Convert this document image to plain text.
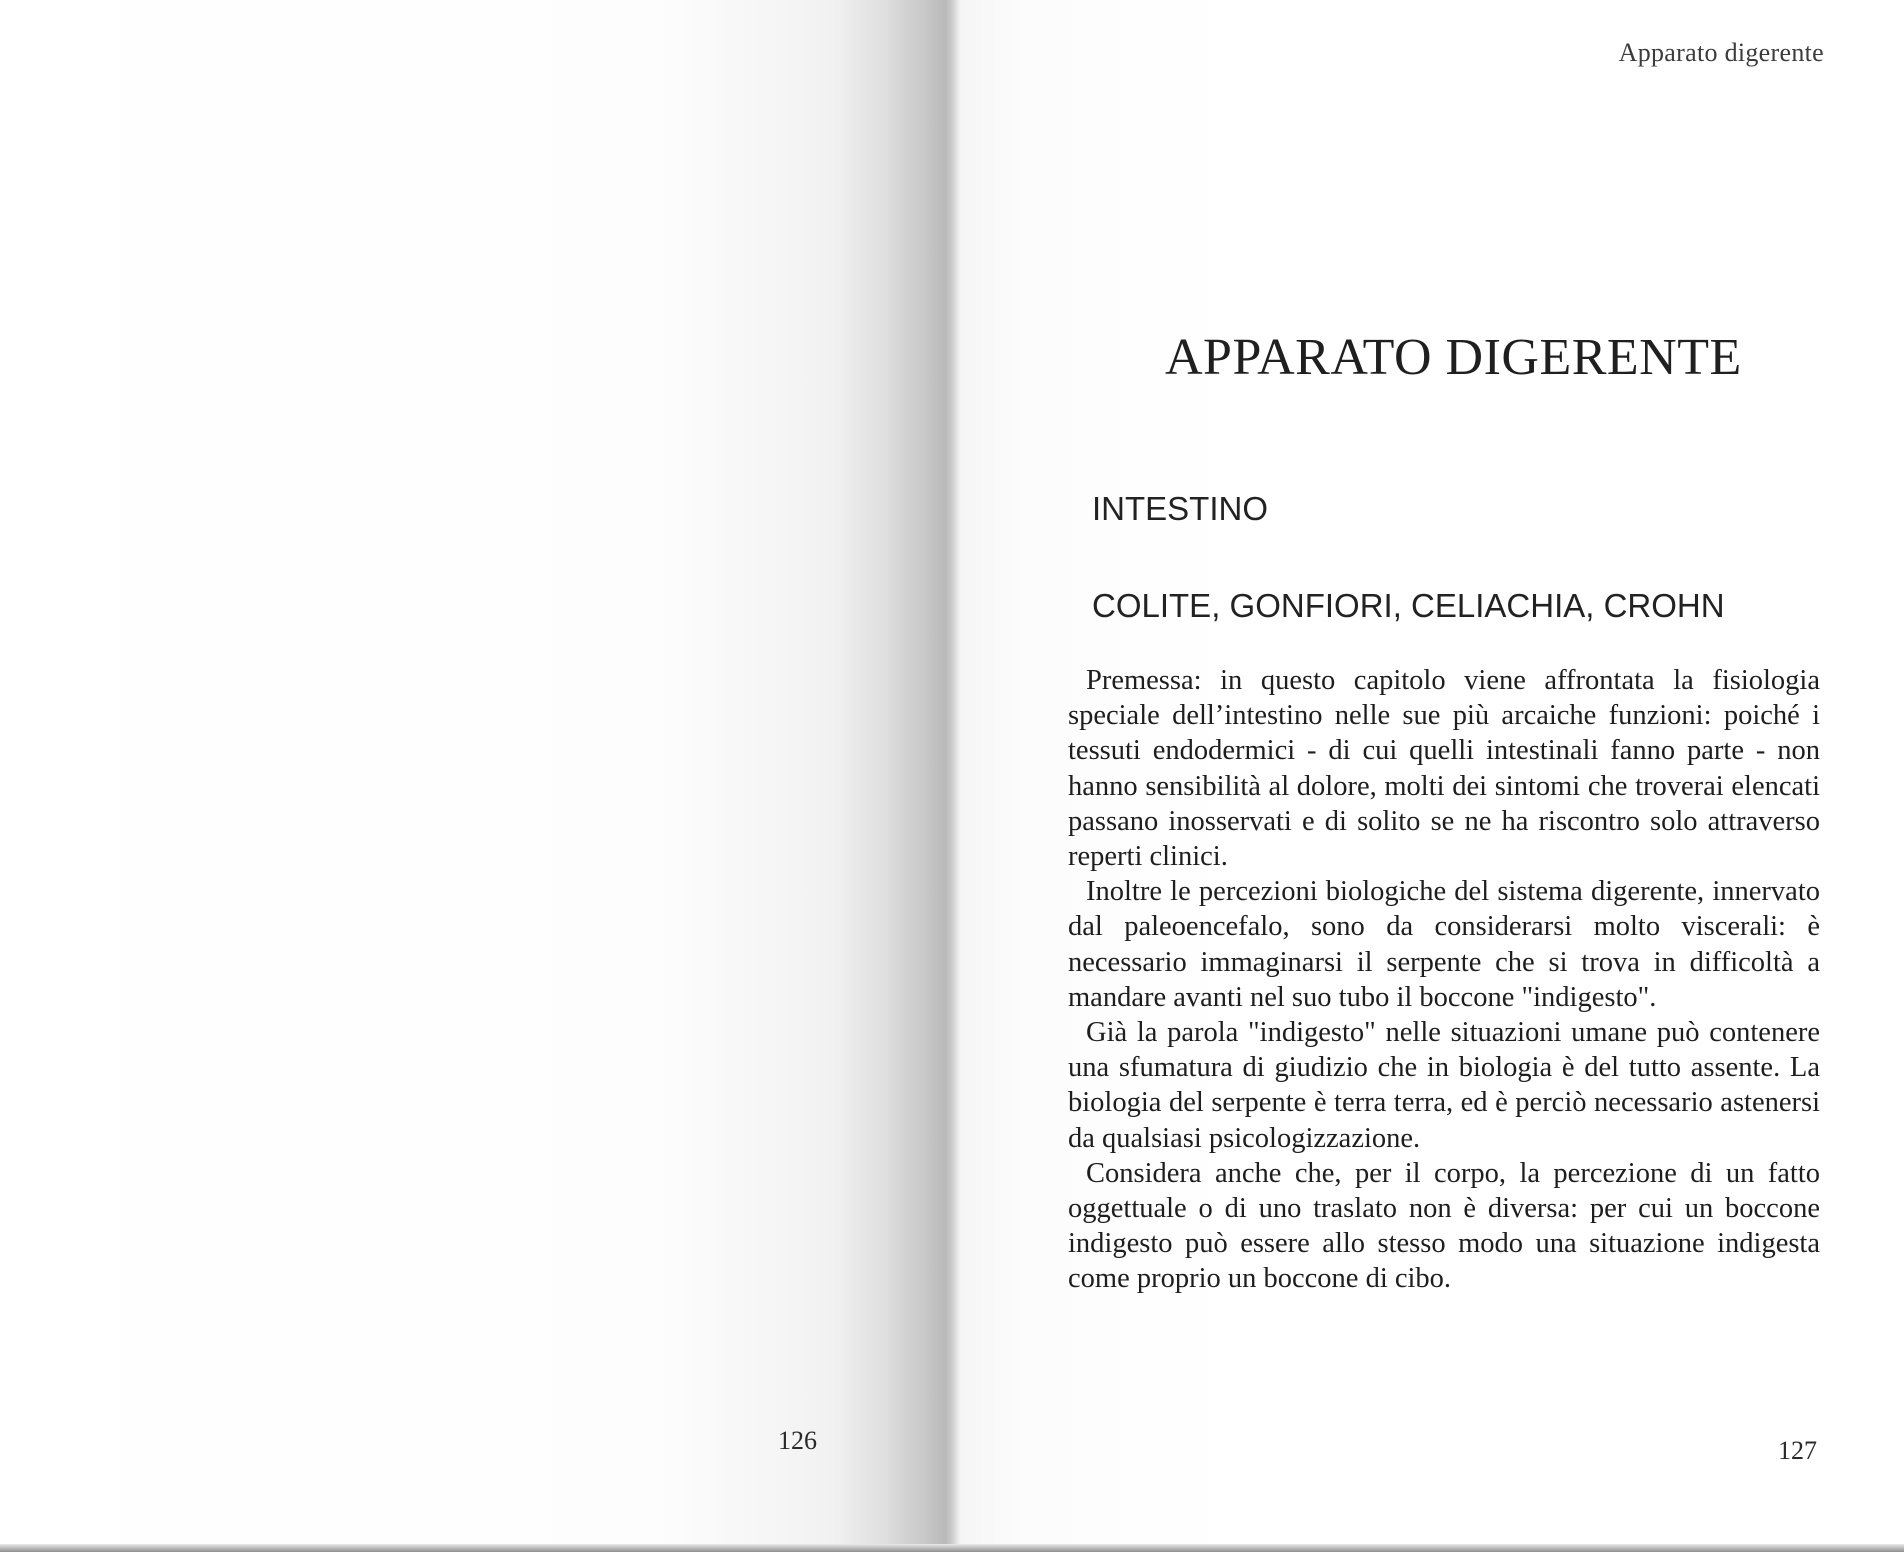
126
Apparato digerente
APPARATO DIGERENTE
INTESTINO
COLITE, GONFIORI, CELIACHIA, CROHN

Premessa: in questo capitolo viene affrontata la fisiologia speciale dell’intestino nelle sue più arcaiche funzioni: poiché i tessuti endodermici - di cui quelli intestinali fanno parte - non hanno sensibilità al dolore, molti dei sintomi che troverai elencati passano inosservati e di solito se ne ha riscontro solo attraverso reperti clinici.

Inoltre le percezioni biologiche del sistema digerente, innervato dal paleoencefalo, sono da considerarsi molto viscerali: è necessario immaginarsi il serpente che si trova in difficoltà a mandare avanti nel suo tubo il boccone "indigesto".

Già la parola "indigesto" nelle situazioni umane può contenere una sfumatura di giudizio che in biologia è del tutto assente. La biologia del serpente è terra terra, ed è perciò necessario astenersi da qualsiasi psicologizzazione.

Considera anche che, per il corpo, la percezione di un fatto oggettuale o di uno traslato non è diversa: per cui un boccone indigesto può essere allo stesso modo una situazione indigesta come proprio un boccone di cibo.

127
